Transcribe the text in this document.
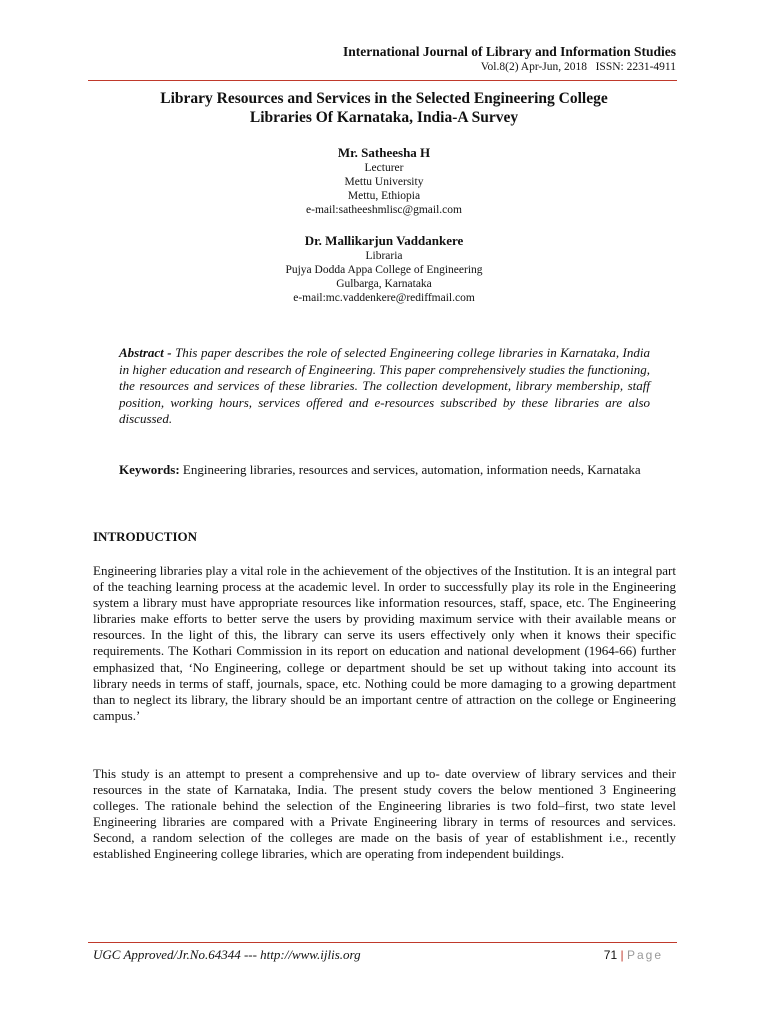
International Journal of Library and Information Studies
Vol.8(2) Apr-Jun, 2018   ISSN: 2231-4911
Library Resources and Services in the Selected Engineering College
Libraries Of Karnataka, India-A Survey
Mr. Satheesha H
Lecturer
Mettu University
Mettu, Ethiopia
e-mail:satheeshmlisc@gmail.com
Dr. Mallikarjun Vaddankere
Libraria
Pujya Dodda Appa College of Engineering
Gulbarga, Karnataka
e-mail:mc.vaddenkere@rediffmail.com
Abstract - This paper describes the role of selected Engineering college libraries in Karnataka, India in higher education and research of Engineering. This paper comprehensively studies the functioning, the resources and services of these libraries. The collection development, library membership, staff position, working hours, services offered and e-resources subscribed by these libraries are also discussed.
Keywords: Engineering libraries, resources and services, automation, information needs, Karnataka
INTRODUCTION
Engineering libraries play a vital role in the achievement of the objectives of the Institution. It is an integral part of the teaching learning process at the academic level. In order to successfully play its role in the Engineering system a library must have appropriate resources like information resources, staff, space, etc. The Engineering libraries make efforts to better serve the users by providing maximum service with their available means or resources. In the light of this, the library can serve its users effectively only when it knows their specific requirements. The Kothari Commission in its report on education and national development (1964-66) further emphasized that, ‘No Engineering, college or department should be set up without taking into account its library needs in terms of staff, journals, space, etc. Nothing could be more damaging to a growing department than to neglect its library, the library should be an important centre of attraction on the college or Engineering campus.’
This study is an attempt to present a comprehensive and up to- date overview of library services and their resources in the state of Karnataka, India. The present study covers the below mentioned 3 Engineering colleges. The rationale behind the selection of the Engineering libraries is two fold–first, two state level Engineering libraries are compared with a Private Engineering library in terms of resources and services. Second, a random selection of the colleges are made on the basis of year of establishment i.e., recently established Engineering college libraries, which are operating from independent buildings.
UGC Approved/Jr.No.64344 --- http://www.ijlis.org	71 | Page
